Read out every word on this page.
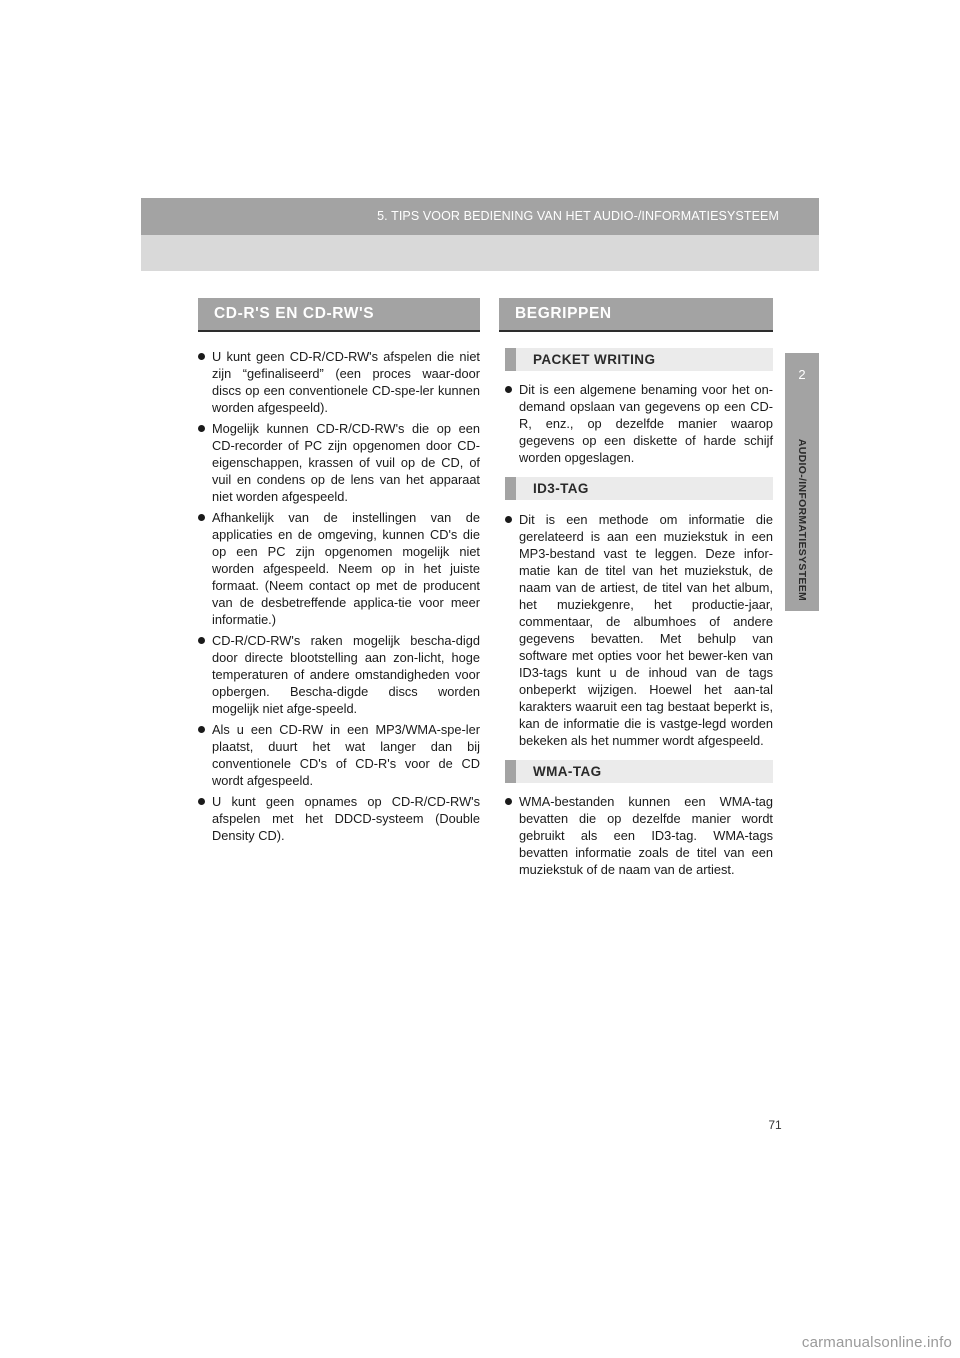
5. TIPS VOOR BEDIENING VAN HET AUDIO-/INFORMATIESYSTEEM
2
AUDIO-/INFORMATIESYSTEEM
CD-R'S EN CD-RW'S
U kunt geen CD-R/CD-RW's afspelen die niet zijn “gefinaliseerd” (een proces waar-door discs op een conventionele CD-spe-ler kunnen worden afgespeeld).
Mogelijk kunnen CD-R/CD-RW's die op een CD-recorder of PC zijn opgenomen door CD-eigenschappen, krassen of vuil op de CD, of vuil en condens op de lens van het apparaat niet worden afgespeeld.
Afhankelijk van de instellingen van de applicaties en de omgeving, kunnen CD's die op een PC zijn opgenomen mogelijk niet worden afgespeeld. Neem op in het juiste formaat. (Neem contact op met de producent van de desbetreffende applica-tie voor meer informatie.)
CD-R/CD-RW's raken mogelijk bescha-digd door directe blootstelling aan zon-licht, hoge temperaturen of andere omstandigheden voor opbergen. Bescha-digde discs worden mogelijk niet afge-speeld.
Als u een CD-RW in een MP3/WMA-spe-ler plaatst, duurt het wat langer dan bij conventionele CD's of CD-R's voor de CD wordt afgespeeld.
U kunt geen opnames op CD-R/CD-RW's afspelen met het DDCD-systeem (Double Density CD).
BEGRIPPEN
PACKET WRITING
Dit is een algemene benaming voor het on-demand opslaan van gegevens op een CD-R, enz., op dezelfde manier waarop gegevens op een diskette of harde schijf worden opgeslagen.
ID3-TAG
Dit is een methode om informatie die gerelateerd is aan een muziekstuk in een MP3-bestand vast te leggen. Deze infor-matie kan de titel van het muziekstuk, de naam van de artiest, de titel van het album, het muziekgenre, het productie-jaar, commentaar, de albumhoes of andere gegevens bevatten. Met behulp van software met opties voor het bewer-ken van ID3-tags kunt u de inhoud van de tags onbeperkt wijzigen. Hoewel het aan-tal karakters waaruit een tag bestaat beperkt is, kan de informatie die is vastge-legd worden bekeken als het nummer wordt afgespeeld.
WMA-TAG
WMA-bestanden kunnen een WMA-tag bevatten die op dezelfde manier wordt gebruikt als een ID3-tag. WMA-tags bevatten informatie zoals de titel van een muziekstuk of de naam van de artiest.
71
carmanualsonline.info
